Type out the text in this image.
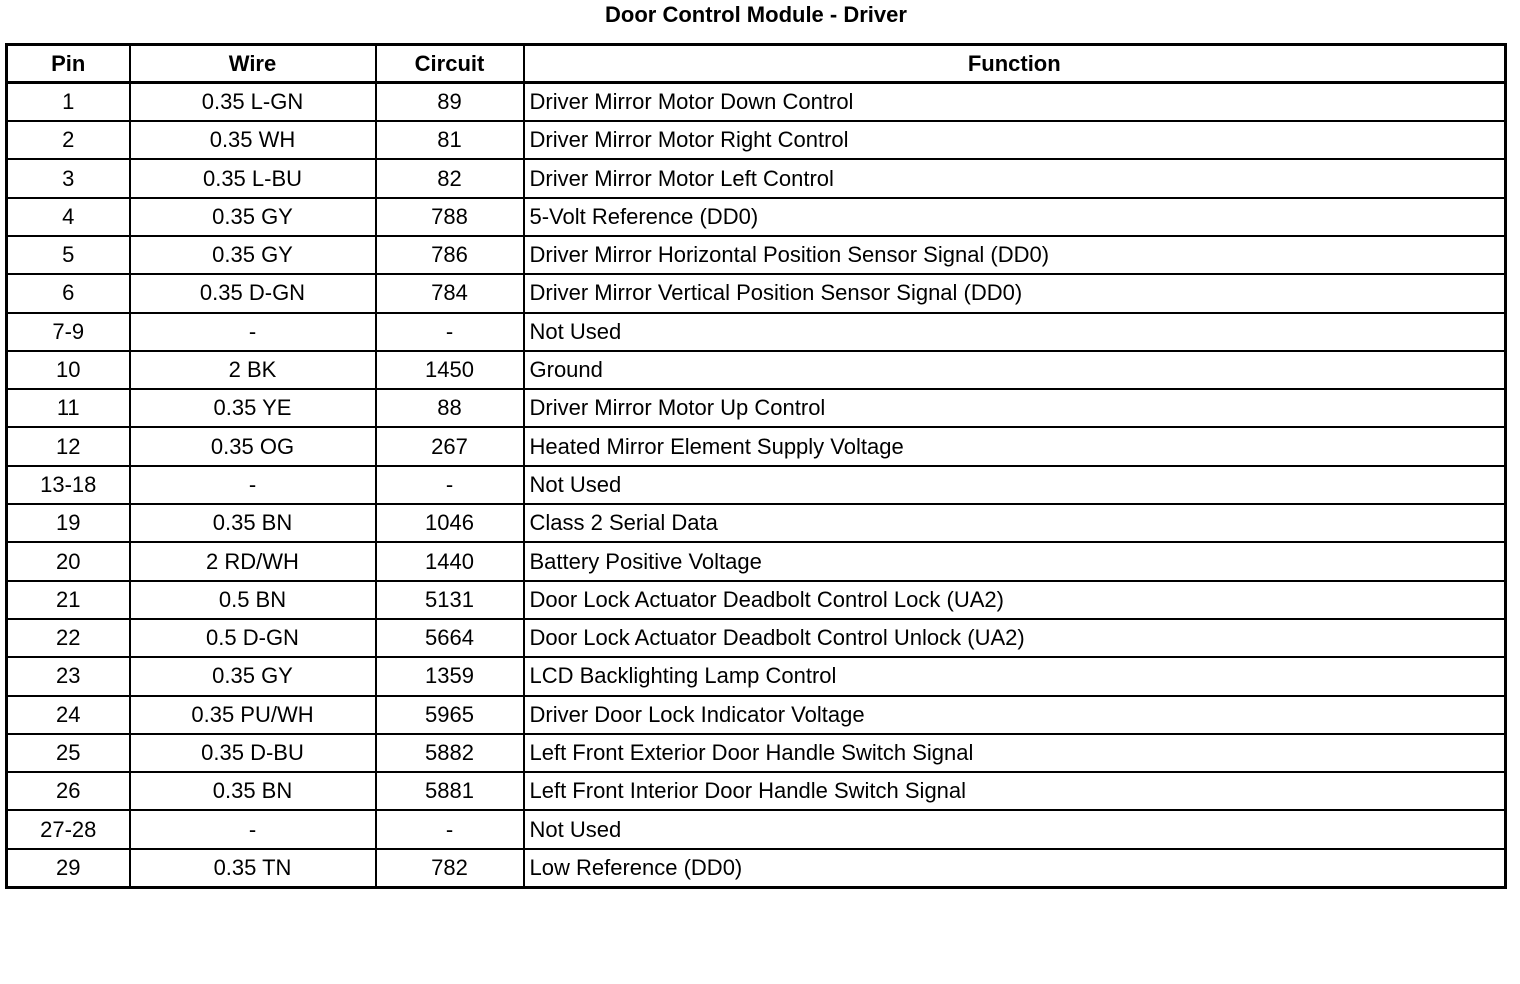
Door Control Module - Driver
Pin	Wire	Circuit	Function
1	0.35 L-GN	89	Driver Mirror Motor Down Control
2	0.35 WH	81	Driver Mirror Motor Right Control
3	0.35 L-BU	82	Driver Mirror Motor Left Control
4	0.35 GY	788	5-Volt Reference (DD0)
5	0.35 GY	786	Driver Mirror Horizontal Position Sensor Signal (DD0)
6	0.35 D-GN	784	Driver Mirror Vertical Position Sensor Signal (DD0)
7-9	-	-	Not Used
10	2 BK	1450	Ground
11	0.35 YE	88	Driver Mirror Motor Up Control
12	0.35 OG	267	Heated Mirror Element Supply Voltage
13-18	-	-	Not Used
19	0.35 BN	1046	Class 2 Serial Data
20	2 RD/WH	1440	Battery Positive Voltage
21	0.5 BN	5131	Door Lock Actuator Deadbolt Control Lock (UA2)
22	0.5 D-GN	5664	Door Lock Actuator Deadbolt Control Unlock (UA2)
23	0.35 GY	1359	LCD Backlighting Lamp Control
24	0.35 PU/WH	5965	Driver Door Lock Indicator Voltage
25	0.35 D-BU	5882	Left Front Exterior Door Handle Switch Signal
26	0.35 BN	5881	Left Front Interior Door Handle Switch Signal
27-28	-	-	Not Used
29	0.35 TN	782	Low Reference (DD0)
